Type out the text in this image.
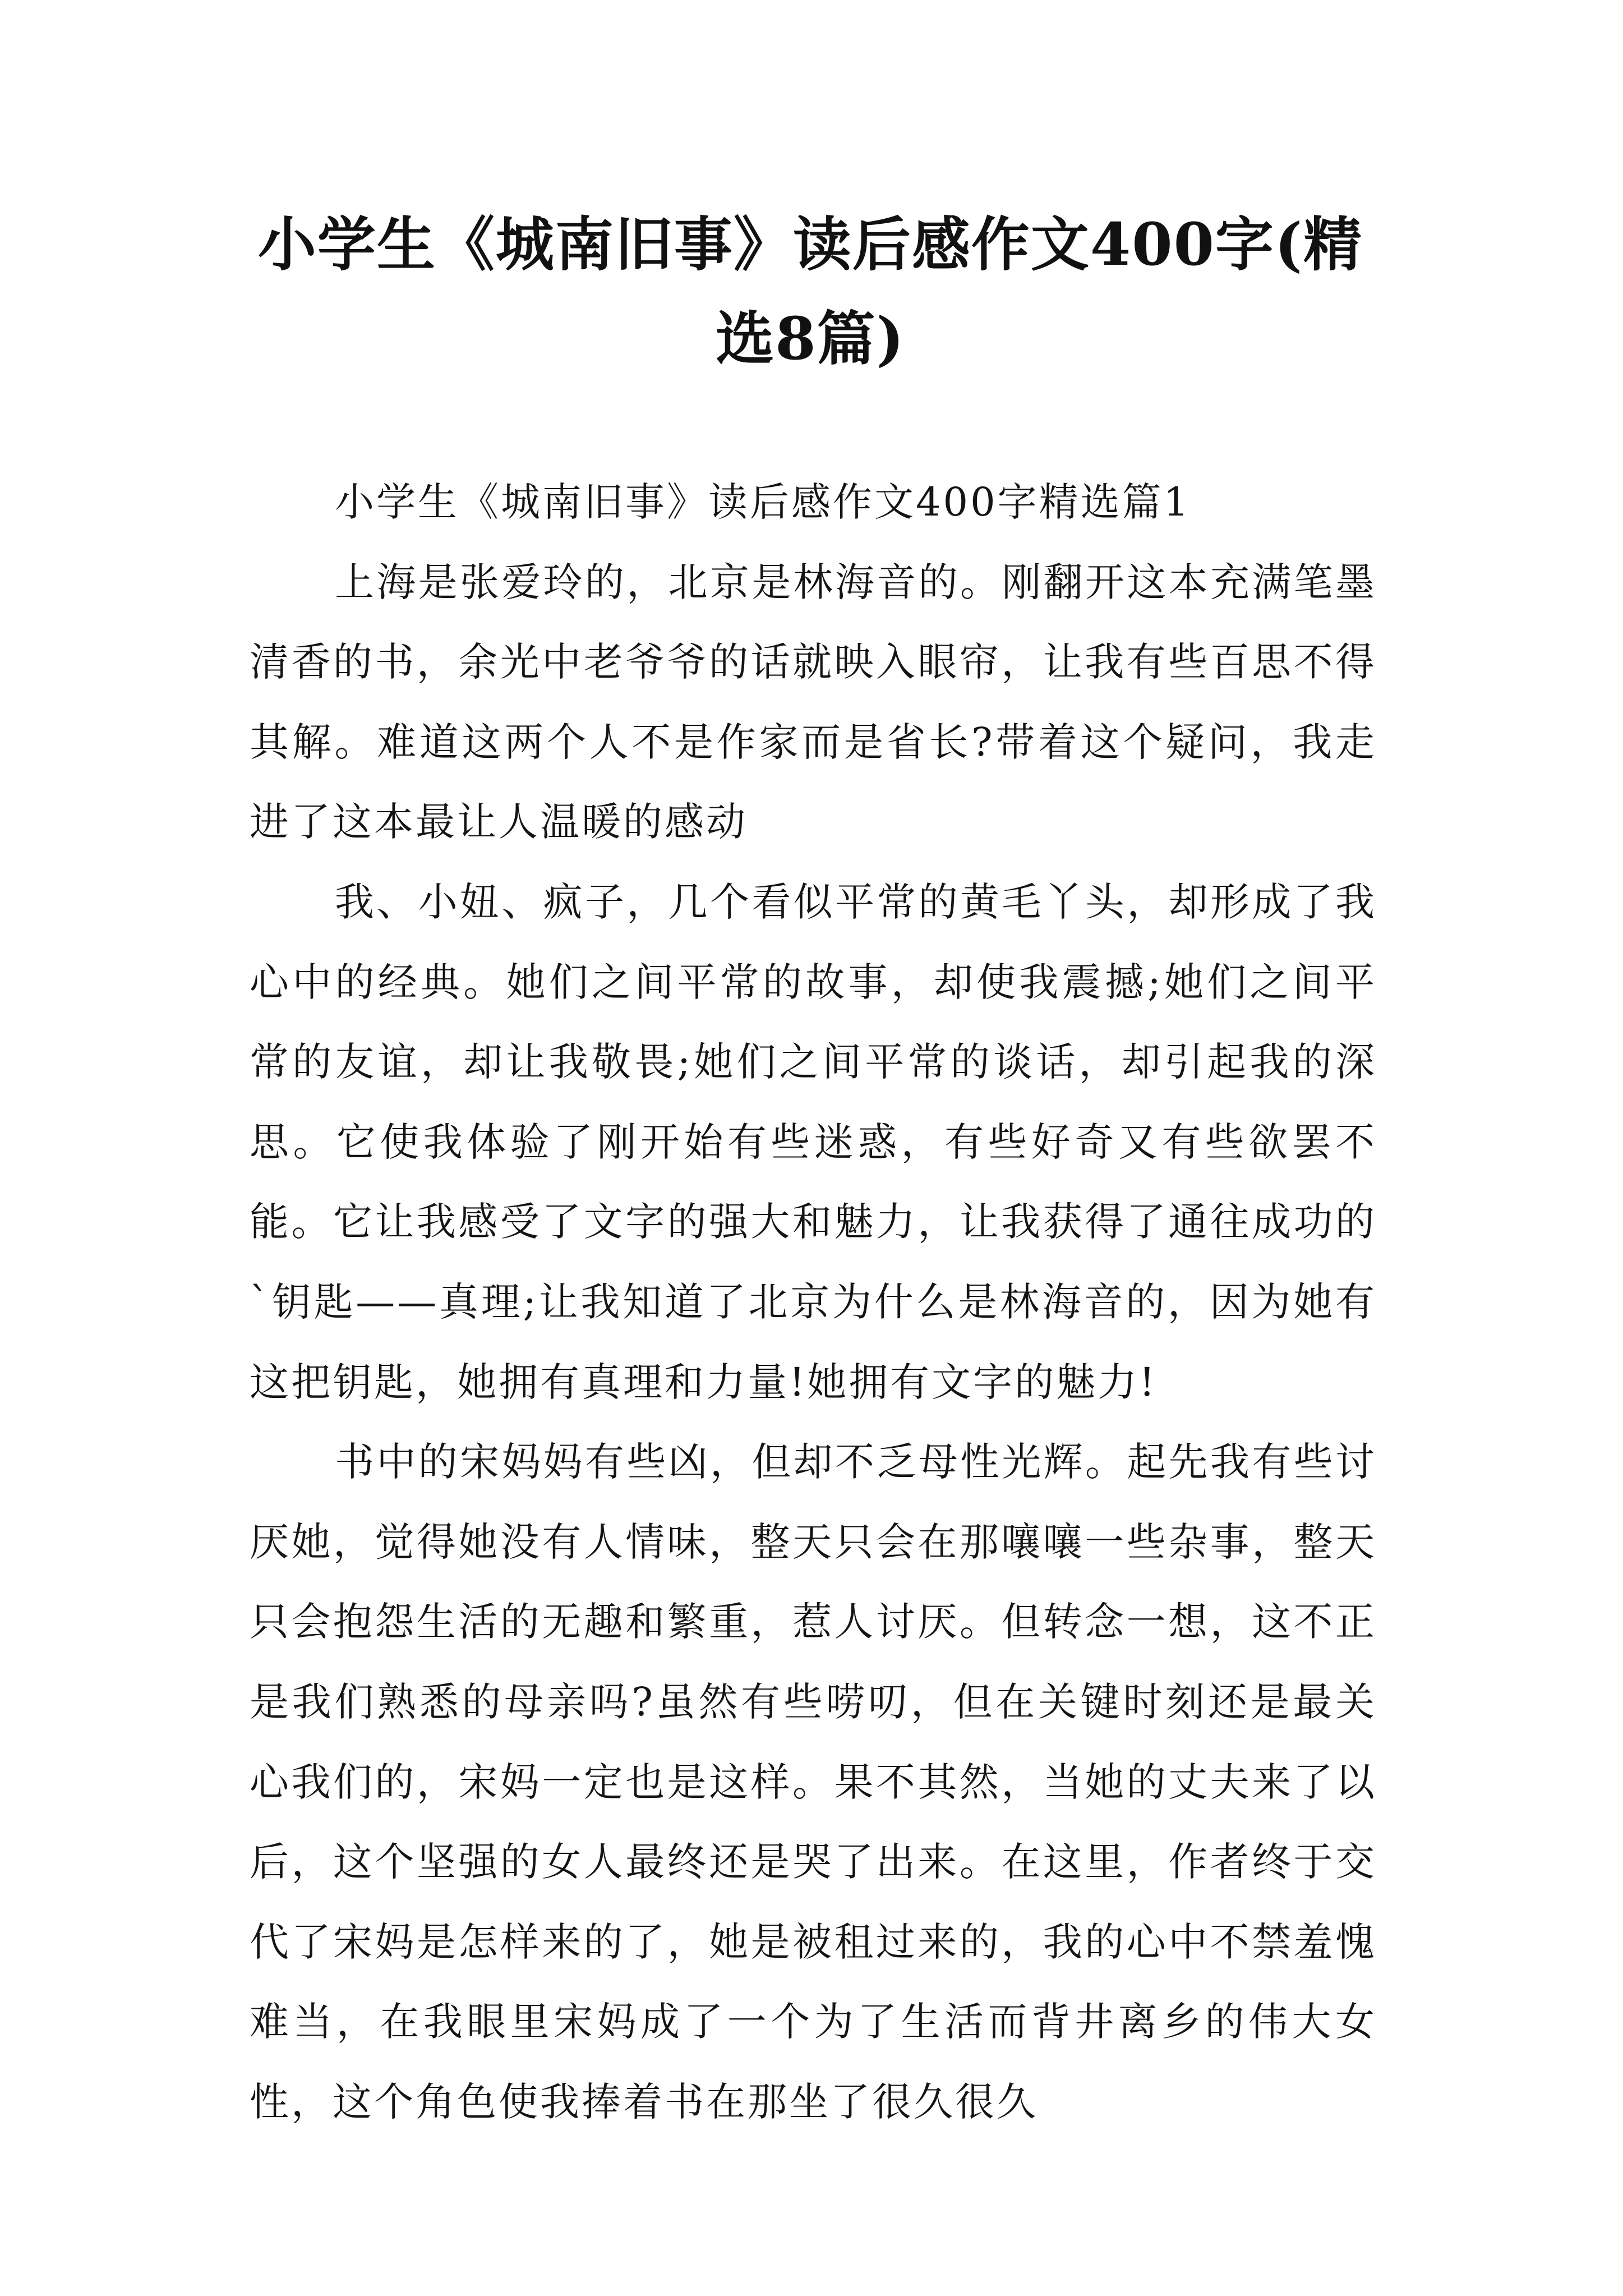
小学生《城南旧事》读后感作文400字(精
选8篇)

小学生《城南旧事》读后感作文400字精选篇1

上海是张爱玲的，北京是林海音的。刚翻开这本充满笔墨清香的书，余光中老爷爷的话就映入眼帘，让我有些百思不得其解。难道这两个人不是作家而是省长?带着这个疑问，我走进了这本最让人温暖的感动

我、小妞、疯子，几个看似平常的黄毛丫头，却形成了我心中的经典。她们之间平常的故事，却使我震撼;她们之间平常的友谊，却让我敬畏;她们之间平常的谈话，却引起我的深思。它使我体验了刚开始有些迷惑，有些好奇又有些欲罢不能。它让我感受了文字的强大和魅力，让我获得了通往成功的`钥匙——真理;让我知道了北京为什么是林海音的，因为她有这把钥匙，她拥有真理和力量!她拥有文字的魅力!

书中的宋妈妈有些凶，但却不乏母性光辉。起先我有些讨厌她，觉得她没有人情味，整天只会在那嚷嚷一些杂事，整天只会抱怨生活的无趣和繁重，惹人讨厌。但转念一想，这不正是我们熟悉的母亲吗?虽然有些唠叨，但在关键时刻还是最关心我们的，宋妈一定也是这样。果不其然，当她的丈夫来了以后，这个坚强的女人最终还是哭了出来。在这里，作者终于交代了宋妈是怎样来的了，她是被租过来的，我的心中不禁羞愧难当，在我眼里宋妈成了一个为了生活而背井离乡的伟大女性，这个角色使我捧着书在那坐了很久很久
